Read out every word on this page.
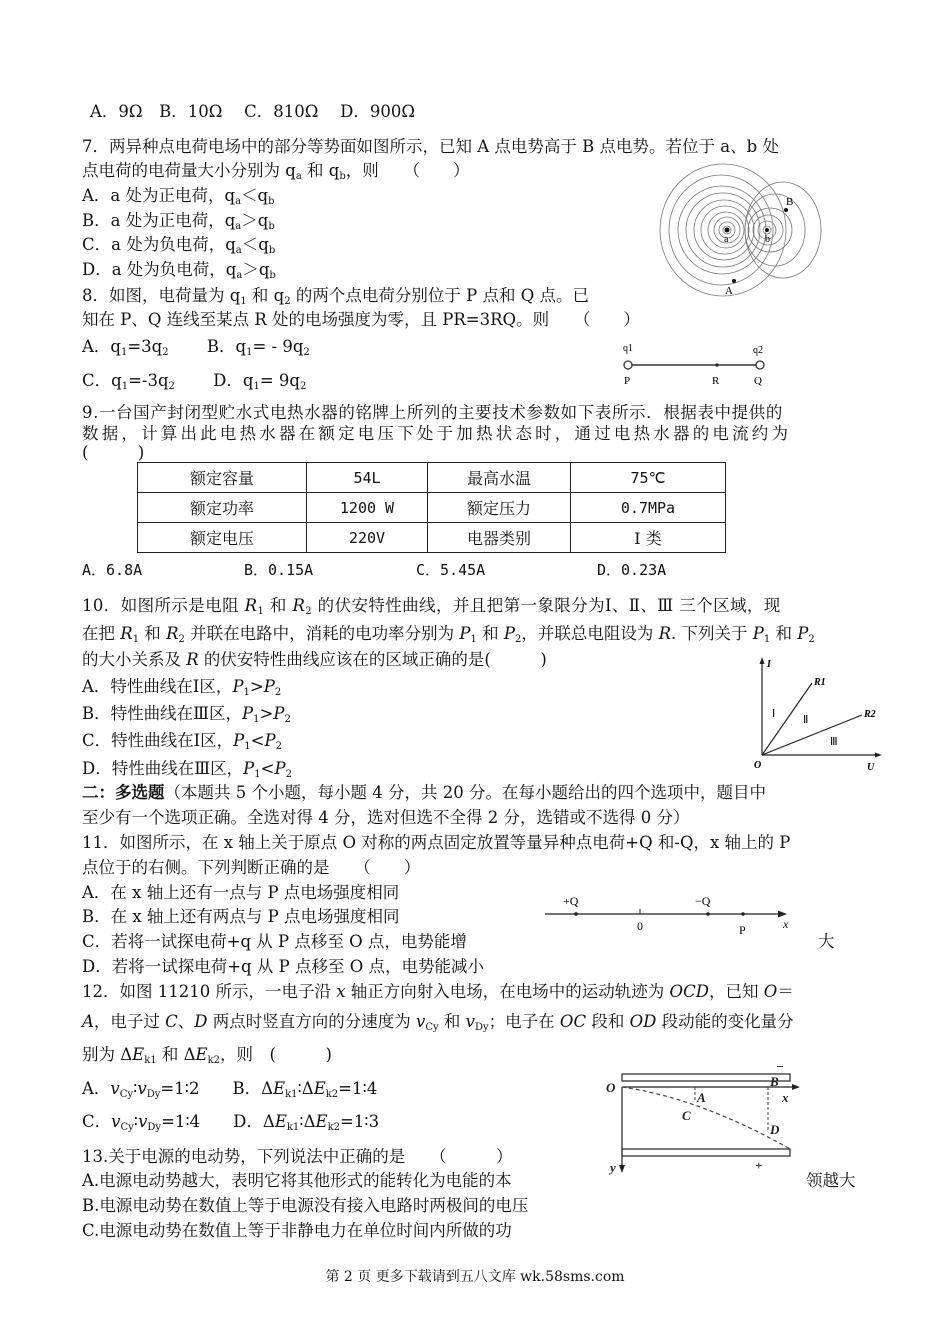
A．9Ω　B．10Ω　 C．810Ω　 D．900Ω
7．两异种点电荷电场中的部分等势面如图所示，已知 A 点电势高于 B 点电势。若位于 a、b 处
点电荷的电荷量大小分别为 $q_a$ 和 $q_b$，则　　（　　）
A．a 处为正电荷，$q_a<q_b$
B．a 处为正电荷，$q_a>q_b$
C．a 处为负电荷，$q_a<q_b$
D．a 处为负电荷，$q_a>q_b$
a	b
A
B
8．如图，电荷量为 $q_1$ 和 $q_2$ 的两个点电荷分别位于 P 点和 Q 点。已
知在 P、Q 连线至某点 R 处的电场强度为零，且 PR=3RQ。则　　（　　）
A．$q_1=3q_2$　　 B．$q_1= - 9q_2$
C．$q_1=-3q_2$　　 D．$q_1= 9q_2$
q1	q2
P	R	Q
9.一台国产封闭型贮水式电热水器的铭牌上所列的主要技术参数如下表所示．根据表中提供的
数据，计算出此电热水器在额定电压下处于加热状态时，通过电热水器的电流约为
(　　　)
额定容量	54L	最高水温	75℃
额定功率	1200 W	额定压力	0.7MPa
额定电压	220V	电器类别	Ⅰ 类
A．6.8A	B．0.15A	C．5.45A	D．0.23A
10．如图所示是电阻 $R_1$ 和 $R_2$ 的伏安特性曲线，并且把第一象限分为Ⅰ、Ⅱ、Ⅲ 三个区域，现
在把 $R_1$ 和 $R_2$ 并联在电路中，消耗的电功率分别为 $P_1$ 和 $P_2$，并联总电阻设为 R. 下列关于 $P_1$ 和 $P_2$
的大小关系及 R 的伏安特性曲线应该在的区域正确的是(　　　)
A．特性曲线在Ⅰ区，$P_1>P_2$
B．特性曲线在Ⅲ区，$P_1>P_2$
C．特性曲线在Ⅰ区，$P_1<P_2$
D．特性曲线在Ⅲ区，$P_1<P_2$
I
U
O
R1
R2
Ⅰ	Ⅱ
Ⅲ
二：多选题（本题共 5 个小题，每小题 4 分，共 20 分。在每小题给出的四个选项中，题目中
至少有一个选项正确。全选对得 4 分，选对但选不全得 2 分，选错或不选得 0 分）
11．如图所示，在 x 轴上关于原点 O 对称的两点固定放置等量异种点电荷+Q 和-Q，x 轴上的 P
点位于的右侧。下列判断正确的是　　（　　）
A．在 x 轴上还有一点与 P 点电场强度相同
B．在 x 轴上还有两点与 P 点电场强度相同
C．若将一试探电荷+q 从 P 点移至 O 点，电势能增	大
D．若将一试探电荷+q 从 P 点移至 O 点，电势能减小
+Q
0
−Q
P	x
12．如图 11210 所示，一电子沿 x 轴正方向射入电场，在电场中的运动轨迹为 OCD，已知 O＝
A，电子过 C、D 两点时竖直方向的分速度为 $v_{Cy}$ 和 $v_{Dy}$；电子在 OC 段和 OD 段动能的变化量分
别为 $\Delta E_{k1}$ 和 $\Delta E_{k2}$，则　(　　　)
A．$v_{Cy}∶v_{Dy}=1∶2$　　B．$\Delta E_{k1}∶\Delta E_{k2}=1∶4$
C．$v_{Cy}∶v_{Dy}=1∶4$　　D．$\Delta E_{k1}∶\Delta E_{k2}=1∶3$
−
O	B
x
A
C
D
y	+
13.关于电源的电动势，下列说法中正确的是　　（　　　）
A.电源电动势越大，表明它将其他形式的能转化为电能的本	领越大
B.电源电动势在数值上等于电源没有接入电路时两极间的电压
C.电源电动势在数值上等于非静电力在单位时间内所做的功
第 2 页 更多下载请到五八文库 wk.58sms.com
